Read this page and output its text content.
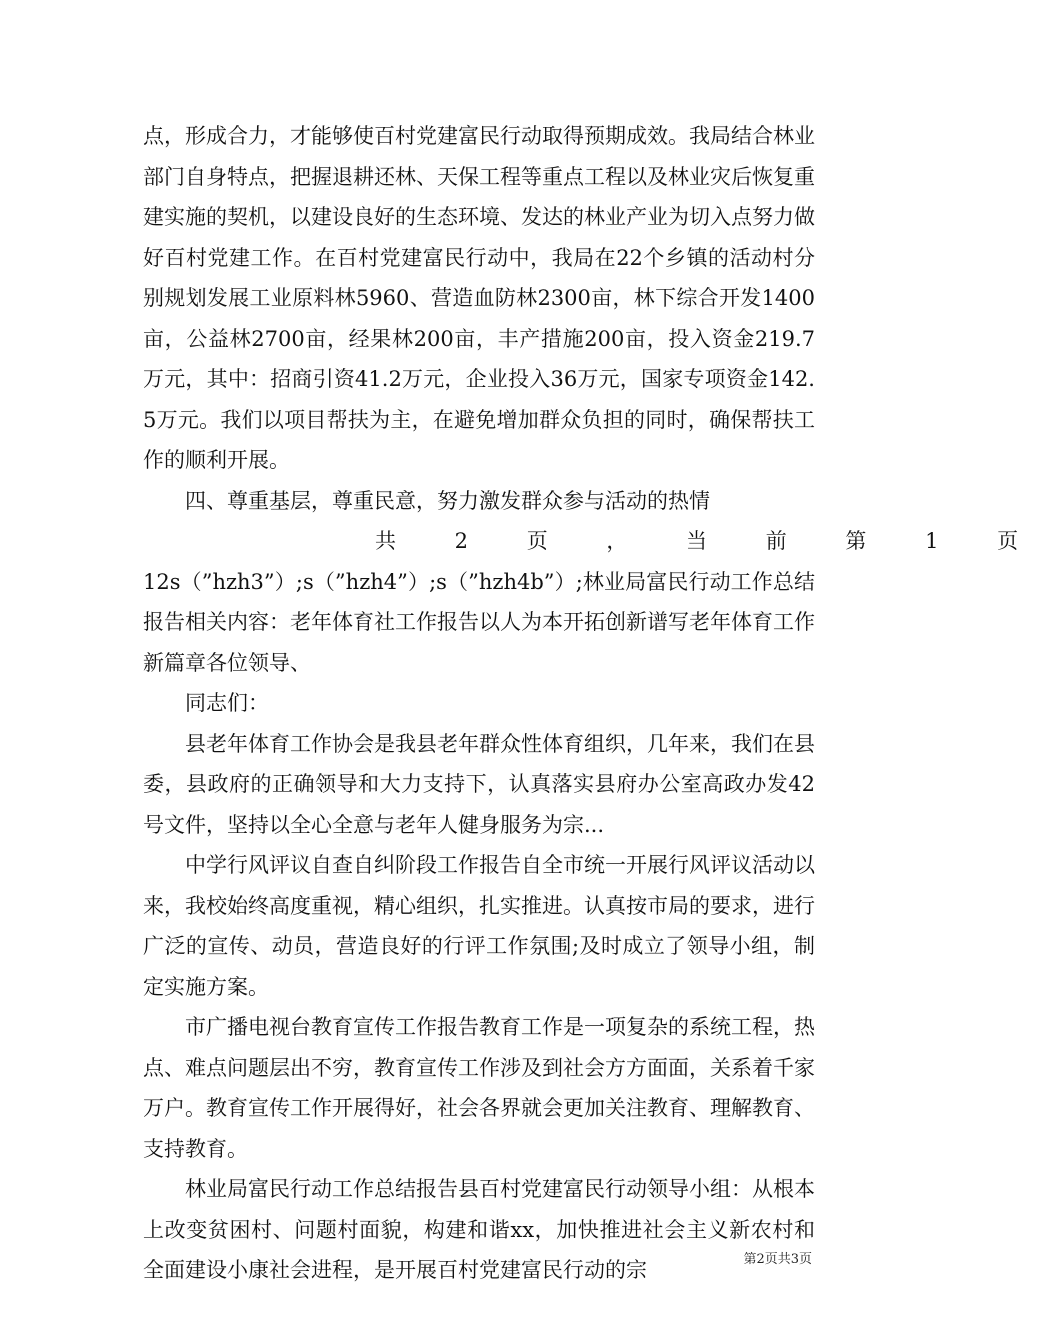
点，形成合力，才能够使百村党建富民行动取得预期成效。我局结合林业部门自身特点，把握退耕还林、天保工程等重点工程以及林业灾后恢复重建实施的契机，以建设良好的生态环境、发达的林业产业为切入点努力做好百村党建工作。在百村党建富民行动中，我局在22个乡镇的活动村分别规划发展工业原料林5960、营造血防林2300亩，林下综合开发1400亩，公益林2700亩，经果林200亩，丰产措施200亩，投入资金219.7万元，其中：招商引资41.2万元，企业投入36万元，国家专项资金142.5万元。我们以项目帮扶为主，在避免增加群众负担的同时，确保帮扶工作的顺利开展。

四、尊重基层，尊重民意，努力激发群众参与活动的热情

共 2 页 ， 当 前 第 1 页

12s（”hzh3”）;s（”hzh4”）;s（”hzh4b”）;林业局富民行动工作总结报告相关内容：老年体育社工作报告以人为本开拓创新谱写老年体育工作新篇章各位领导、

同志们：

县老年体育工作协会是我县老年群众性体育组织，几年来，我们在县委，县政府的正确领导和大力支持下，认真落实县府办公室高政办发42号文件，坚持以全心全意与老年人健身服务为宗...

中学行风评议自查自纠阶段工作报告自全市统一开展行风评议活动以来，我校始终高度重视，精心组织，扎实推进。认真按市局的要求，进行广泛的宣传、动员，营造良好的行评工作氛围;及时成立了领导小组，制定实施方案。

市广播电视台教育宣传工作报告教育工作是一项复杂的系统工程，热点、难点问题层出不穷，教育宣传工作涉及到社会方方面面，关系着千家万户。教育宣传工作开展得好，社会各界就会更加关注教育、理解教育、支持教育。

林业局富民行动工作总结报告县百村党建富民行动领导小组：从根本上改变贫困村、问题村面貌，构建和谐xx，加快推进社会主义新农村和全面建设小康社会进程，是开展百村党建富民行动的宗	第2页共3页
